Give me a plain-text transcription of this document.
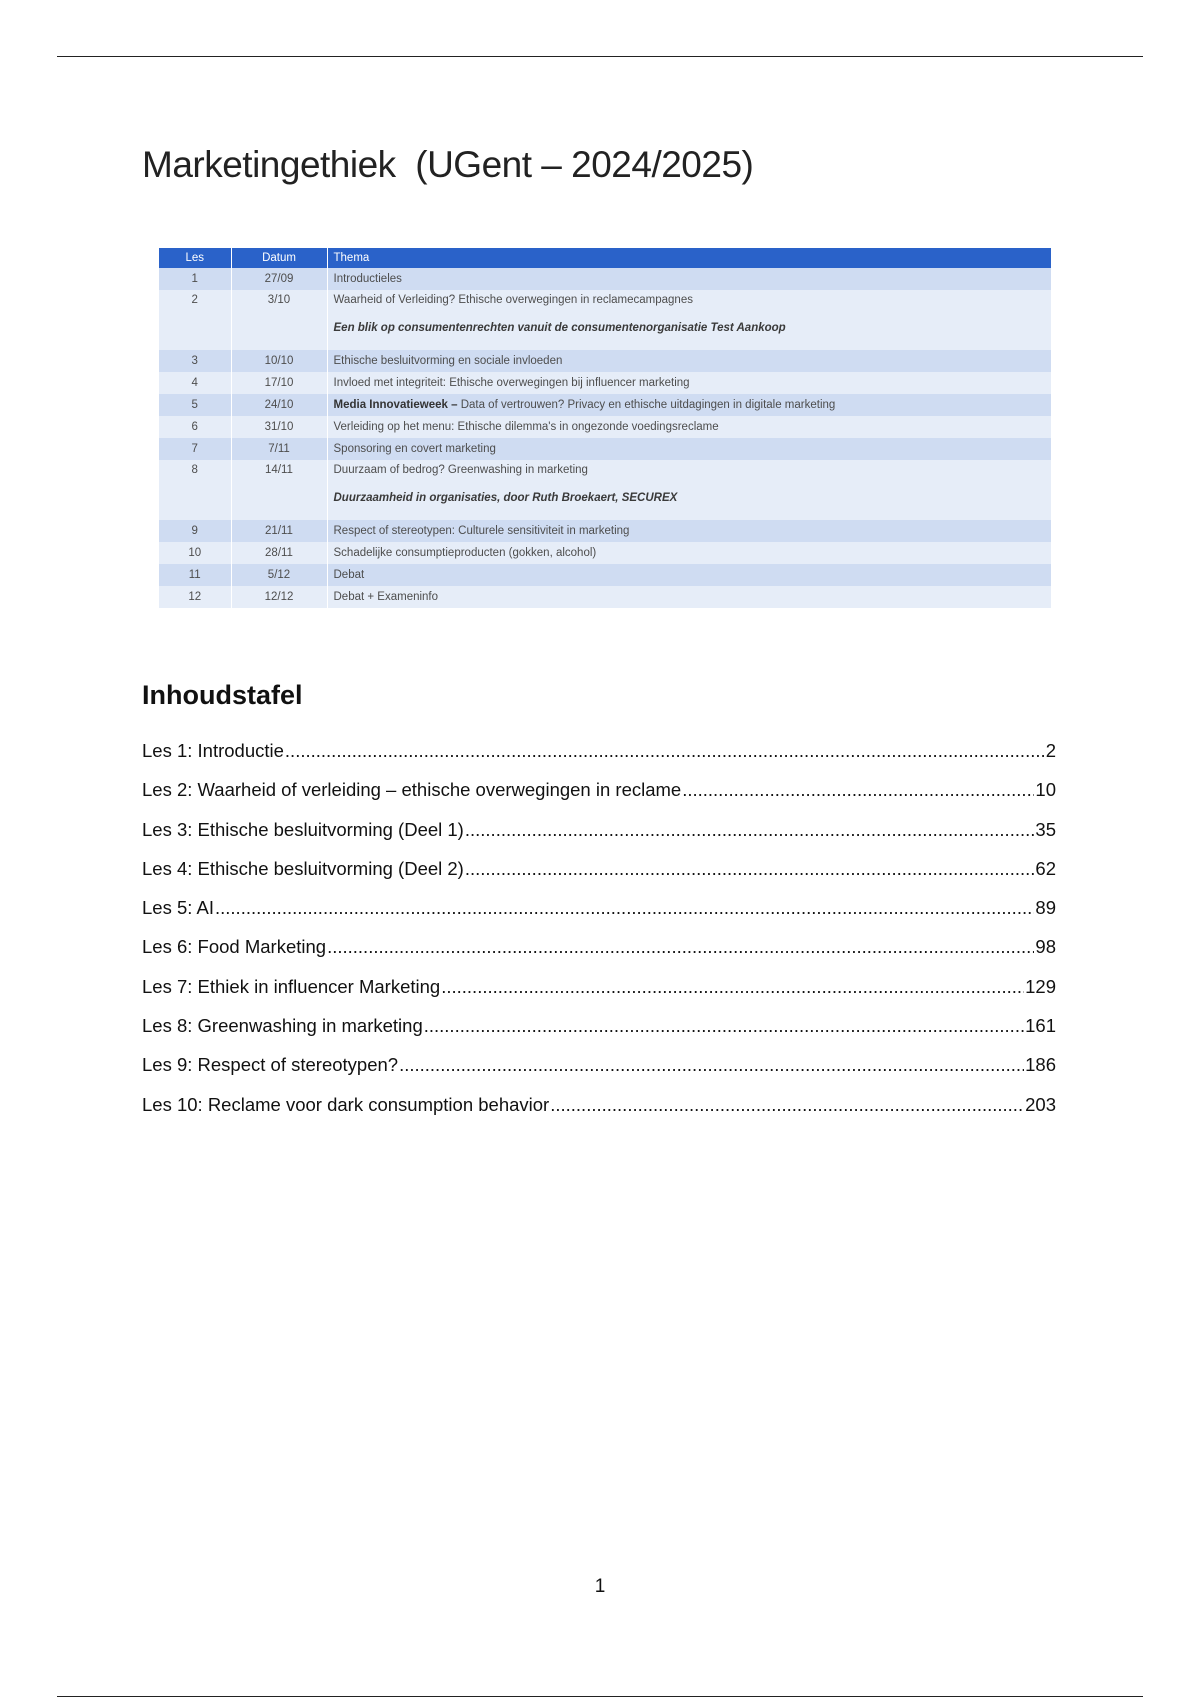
Marketingethiek  (UGent – 2024/2025)
Les	Datum	Thema
1	27/09	Introductieles
2	3/10	Waarheid of Verleiding? Ethische overwegingen in reclamecampagnes
Een blik op consumentenrechten vanuit de consumentenorganisatie Test Aankoop

3	10/10	Ethische besluitvorming en sociale invloeden
4	17/10	Invloed met integriteit: Ethische overwegingen bij influencer marketing
5	24/10	Media Innovatieweek – Data of vertrouwen? Privacy en ethische uitdagingen in digitale marketing
6	31/10	Verleiding op het menu: Ethische dilemma's in ongezonde voedingsreclame
7	7/11	Sponsoring en covert marketing
8	14/11	Duurzaam of bedrog? Greenwashing in marketing
Duurzaamheid in organisaties, door Ruth Broekaert, SECUREX

9	21/11	Respect of stereotypen: Culturele sensitiviteit in marketing
10	28/11	Schadelijke consumptieproducten (gokken, alcohol)
11	5/12	Debat
12	12/12	Debat + Exameninfo
Inhoudstafel
Les 1: Introductie .....	2
Les 2: Waarheid of verleiding – ethische overwegingen in reclame .....	10
Les 3: Ethische besluitvorming (Deel 1) .....	35
Les 4: Ethische besluitvorming (Deel 2) .....	62
Les 5: AI .....	89
Les 6: Food Marketing .....	98
Les 7: Ethiek in influencer Marketing .....	129
Les 8: Greenwashing in marketing .....	161
Les 9: Respect of stereotypen? .....	186
Les 10: Reclame voor dark consumption behavior .....	203
1
